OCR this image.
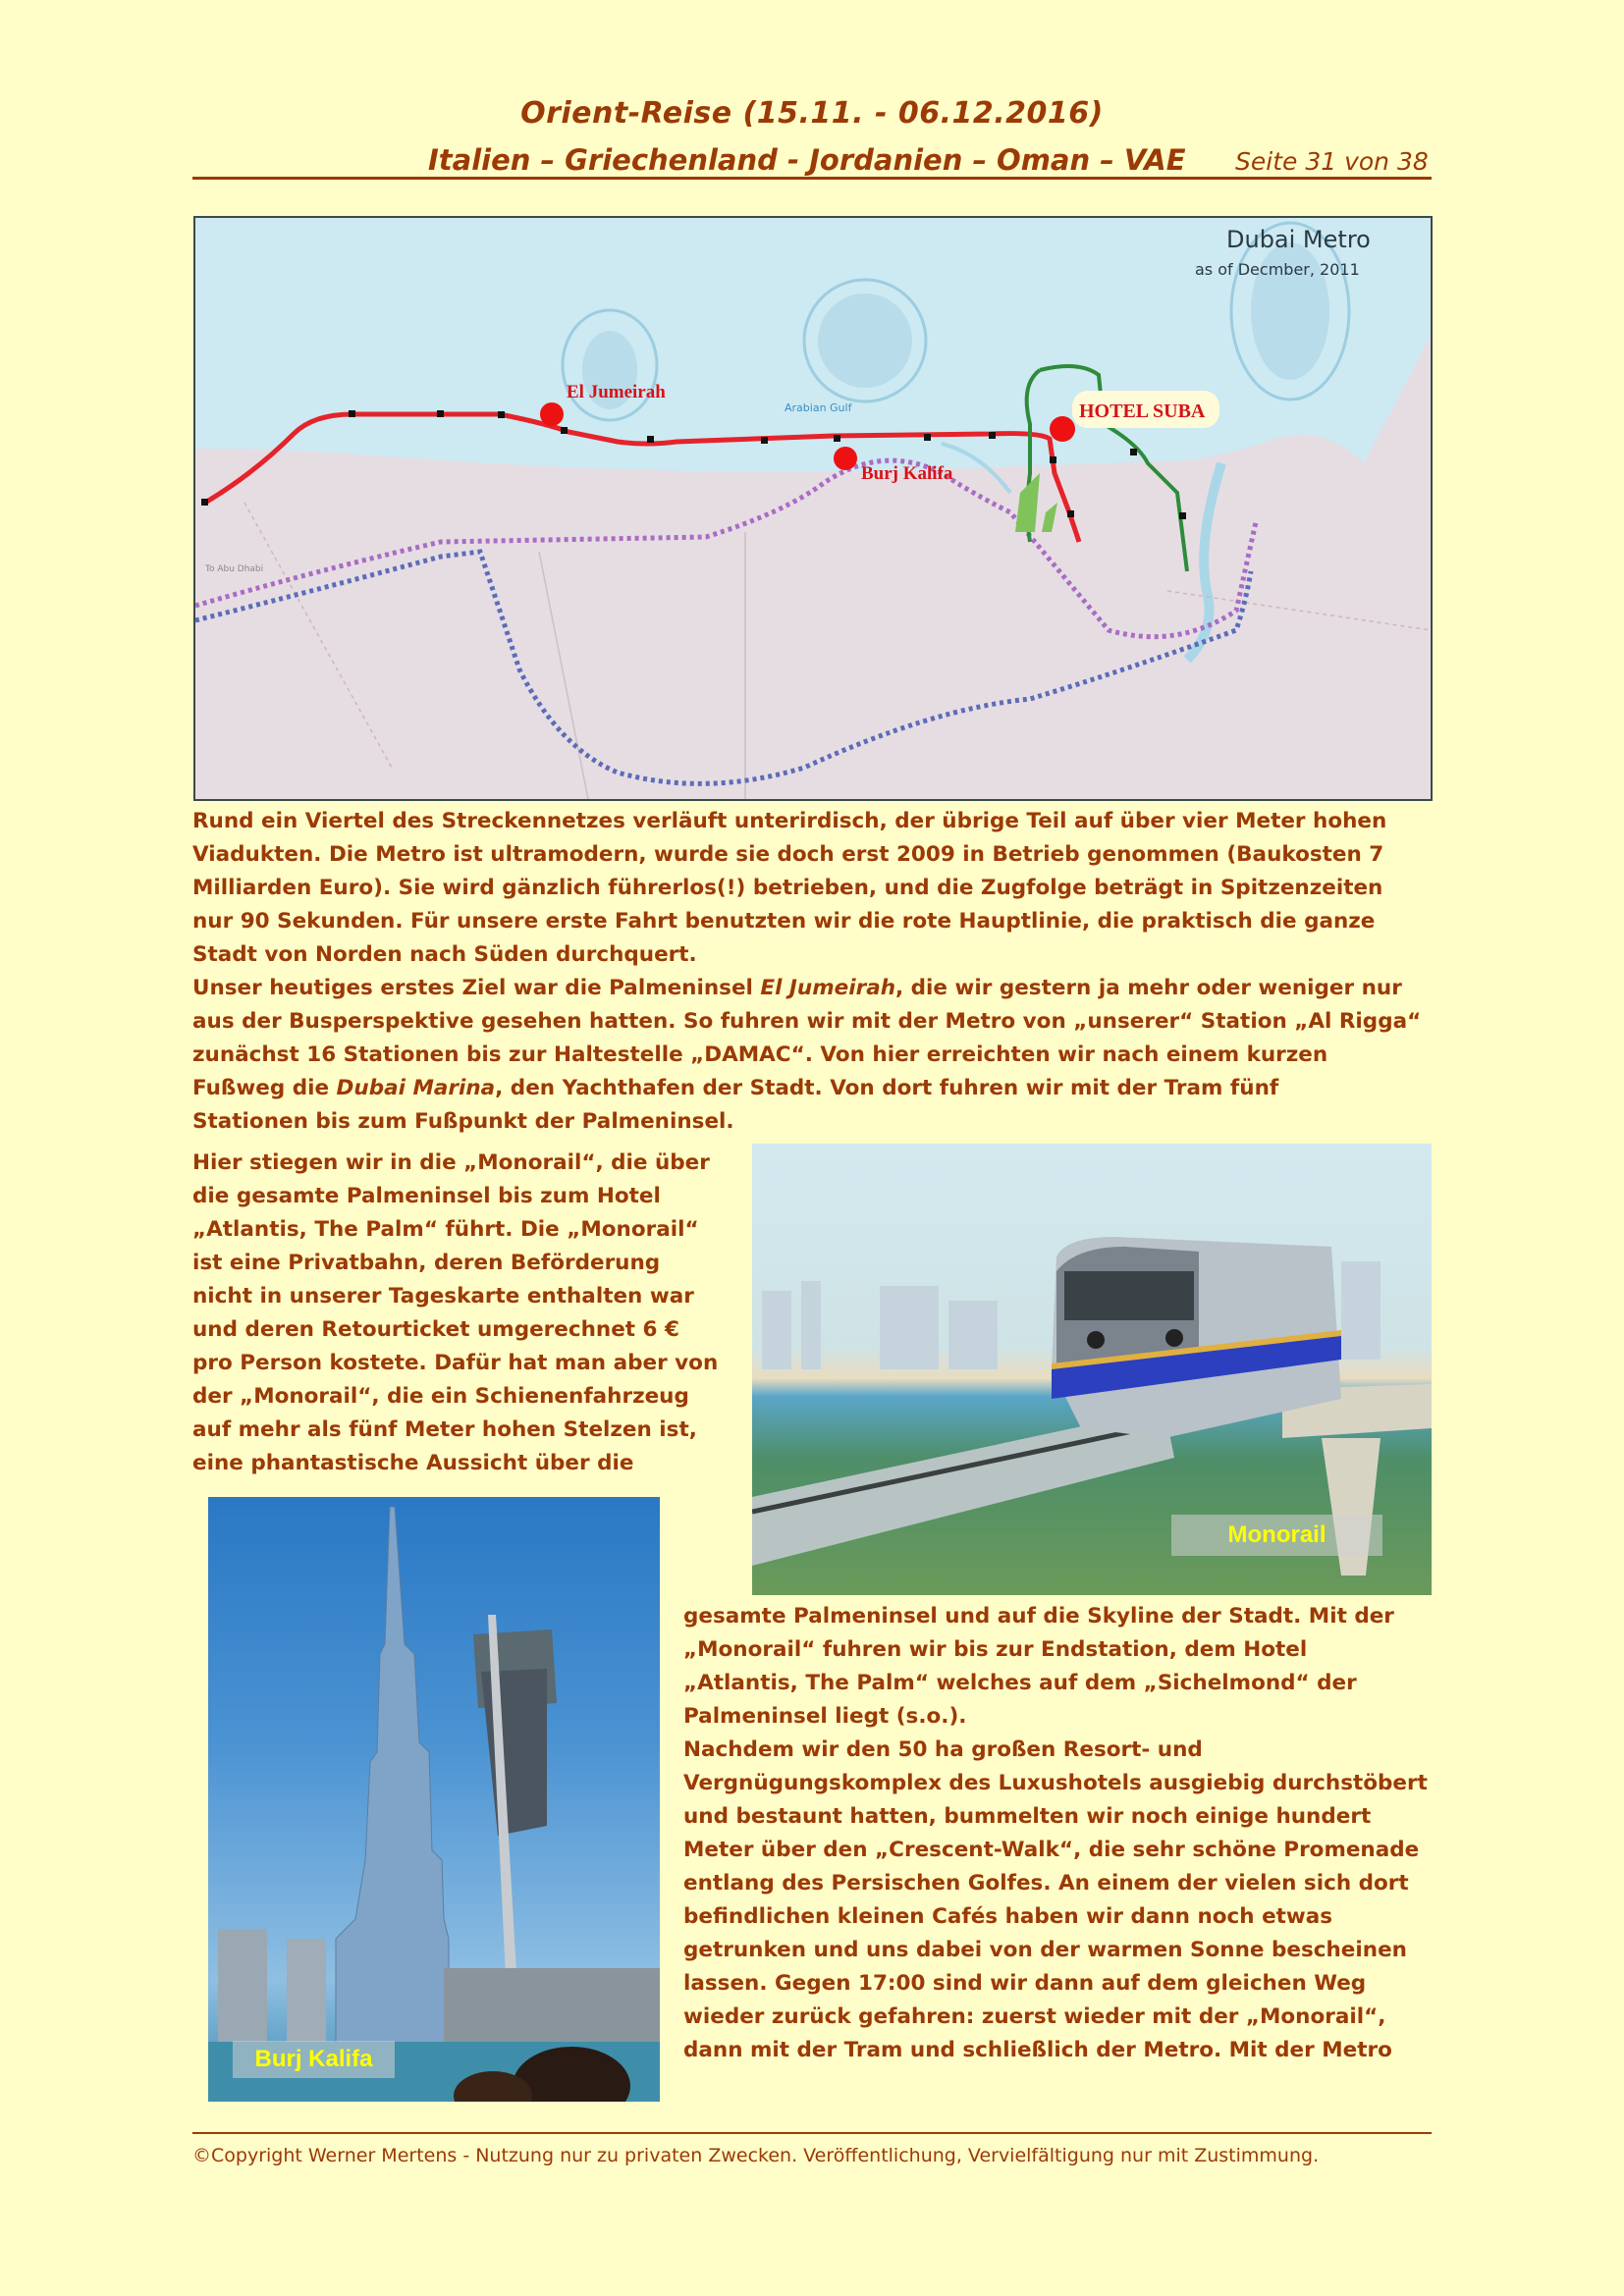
Orient-Reise (15.11. - 06.12.2016)
Italien – Griechenland - Jordanien – Oman – VAE Seite 31 von 38
El Jumeirah
Burj Kalifa
HOTEL SUBA
Arabian Gulf
To Abu Dhabi
Dubai Metro
as of Decmber, 2011
Rund ein Viertel des Streckennetzes verläuft unterirdisch, der übrige Teil auf über vier Meter hohen
Viadukten. Die Metro ist ultramodern, wurde sie doch erst 2009 in Betrieb genommen (Baukosten 7
Milliarden Euro). Sie wird gänzlich führerlos(!) betrieben, und die Zugfolge beträgt in Spitzenzeiten
nur 90 Sekunden. Für unsere erste Fahrt benutzten wir die rote Hauptlinie, die praktisch die ganze
Stadt von Norden nach Süden durchquert.
Unser heutiges erstes Ziel war die Palmeninsel El Jumeirah, die wir gestern ja mehr oder weniger nur
aus der Busperspektive gesehen hatten. So fuhren wir mit der Metro von „unserer“ Station „Al Rigga“
zunächst 16 Stationen bis zur Haltestelle „DAMAC“. Von hier erreichten wir nach einem kurzen
Fußweg die Dubai Marina, den Yachthafen der Stadt. Von dort fuhren wir mit der Tram fünf
Stationen bis zum Fußpunkt der Palmeninsel.
Hier stiegen wir in die „Monorail“, die über
die gesamte Palmeninsel bis zum Hotel
„Atlantis, The Palm“ führt. Die „Monorail“
ist eine Privatbahn, deren Beförderung
nicht in unserer Tageskarte enthalten war
und deren Retourticket umgerechnet 6 €
pro Person kostete. Dafür hat man aber von
der „Monorail“, die ein Schienenfahrzeug
auf mehr als fünf Meter hohen Stelzen ist,
eine phantastische Aussicht über die
Monorail
Burj Kalifa
gesamte Palmeninsel und auf die Skyline der Stadt. Mit der
„Monorail“ fuhren wir bis zur Endstation, dem Hotel
„Atlantis, The Palm“ welches auf dem „Sichelmond“ der
Palmeninsel liegt (s.o.).
Nachdem wir den 50 ha großen Resort- und
Vergnügungskomplex des Luxushotels ausgiebig durchstöbert
und bestaunt hatten, bummelten wir noch einige hundert
Meter über den „Crescent-Walk“, die sehr schöne Promenade
entlang des Persischen Golfes. An einem der vielen sich dort
befindlichen kleinen Cafés haben wir dann noch etwas
getrunken und uns dabei von der warmen Sonne bescheinen
lassen. Gegen 17:00 sind wir dann auf dem gleichen Weg
wieder zurück gefahren: zuerst wieder mit der „Monorail“,
dann mit der Tram und schließlich der Metro. Mit der Metro
©Copyright Werner Mertens - Nutzung nur zu privaten Zwecken. Veröffentlichung, Vervielfältigung nur mit Zustimmung.
